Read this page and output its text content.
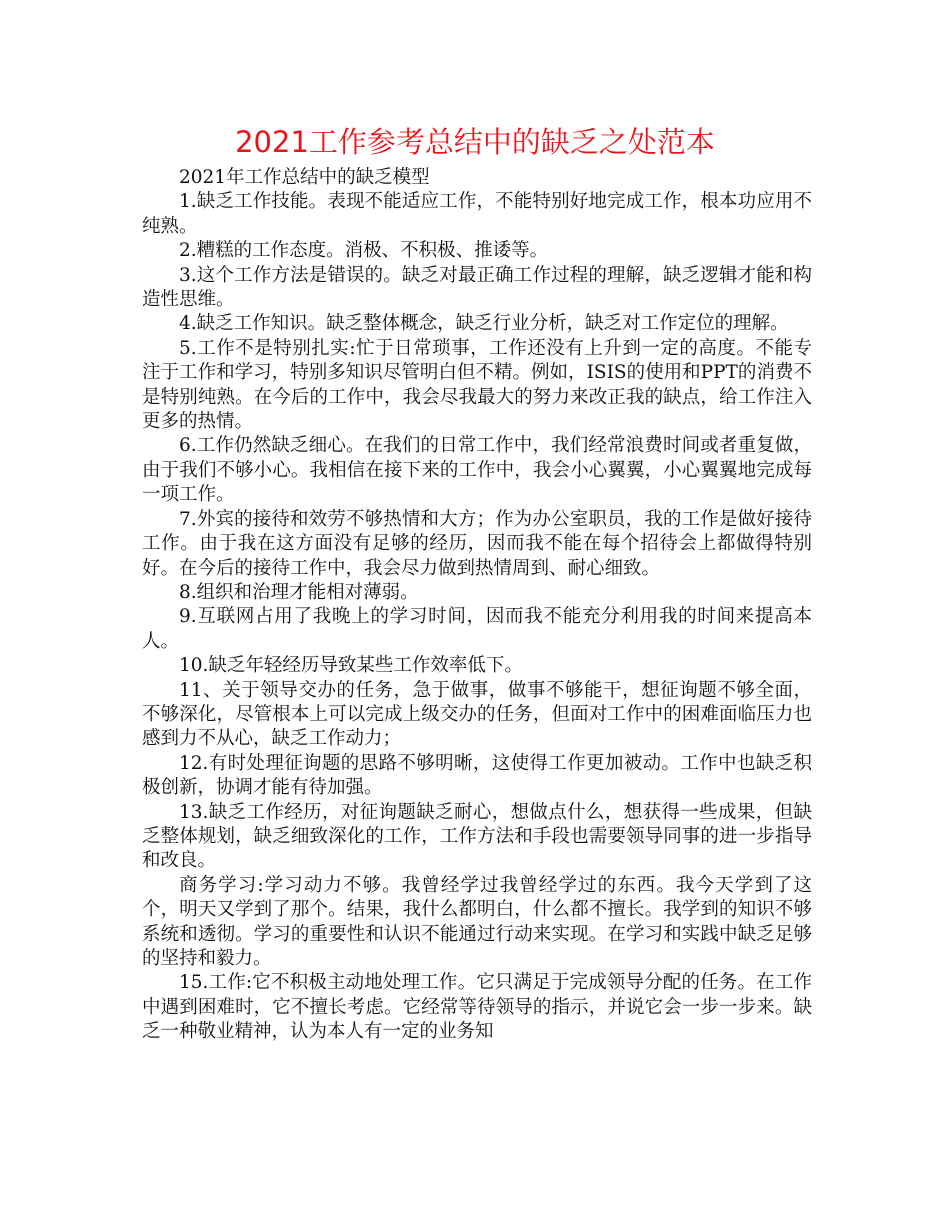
2021工作参考总结中的缺乏之处范本

2021年工作总结中的缺乏模型

1.缺乏工作技能。表现不能适应工作，不能特别好地完成工作，根本功应用不纯熟。

2.糟糕的工作态度。消极、不积极、推诿等。

3.这个工作方法是错误的。缺乏对最正确工作过程的理解，缺乏逻辑才能和构造性思维。

4.缺乏工作知识。缺乏整体概念，缺乏行业分析，缺乏对工作定位的理解。

5.工作不是特别扎实:忙于日常琐事，工作还没有上升到一定的高度。不能专注于工作和学习，特别多知识尽管明白但不精。例如，ISIS的使用和PPT的消费不是特别纯熟。在今后的工作中，我会尽我最大的努力来改正我的缺点，给工作注入更多的热情。

6.工作仍然缺乏细心。在我们的日常工作中，我们经常浪费时间或者重复做，由于我们不够小心。我相信在接下来的工作中，我会小心翼翼，小心翼翼地完成每一项工作。

7.外宾的接待和效劳不够热情和大方；作为办公室职员，我的工作是做好接待工作。由于我在这方面没有足够的经历，因而我不能在每个招待会上都做得特别好。在今后的接待工作中，我会尽力做到热情周到、耐心细致。

8.组织和治理才能相对薄弱。

9.互联网占用了我晚上的学习时间，因而我不能充分利用我的时间来提高本人。

10.缺乏年轻经历导致某些工作效率低下。

11、关于领导交办的任务，急于做事，做事不够能干，想征询题不够全面，不够深化，尽管根本上可以完成上级交办的任务，但面对工作中的困难面临压力也感到力不从心，缺乏工作动力；

12.有时处理征询题的思路不够明晰，这使得工作更加被动。工作中也缺乏积极创新，协调才能有待加强。

13.缺乏工作经历，对征询题缺乏耐心，想做点什么，想获得一些成果，但缺乏整体规划，缺乏细致深化的工作，工作方法和手段也需要领导同事的进一步指导和改良。

商务学习:学习动力不够。我曾经学过我曾经学过的东西。我今天学到了这个，明天又学到了那个。结果，我什么都明白，什么都不擅长。我学到的知识不够系统和透彻。学习的重要性和认识不能通过行动来实现。在学习和实践中缺乏足够的坚持和毅力。

15.工作:它不积极主动地处理工作。它只满足于完成领导分配的任务。在工作中遇到困难时，它不擅长考虑。它经常等待领导的指示，并说它会一步一步来。缺乏一种敬业精神，认为本人有一定的业务知
